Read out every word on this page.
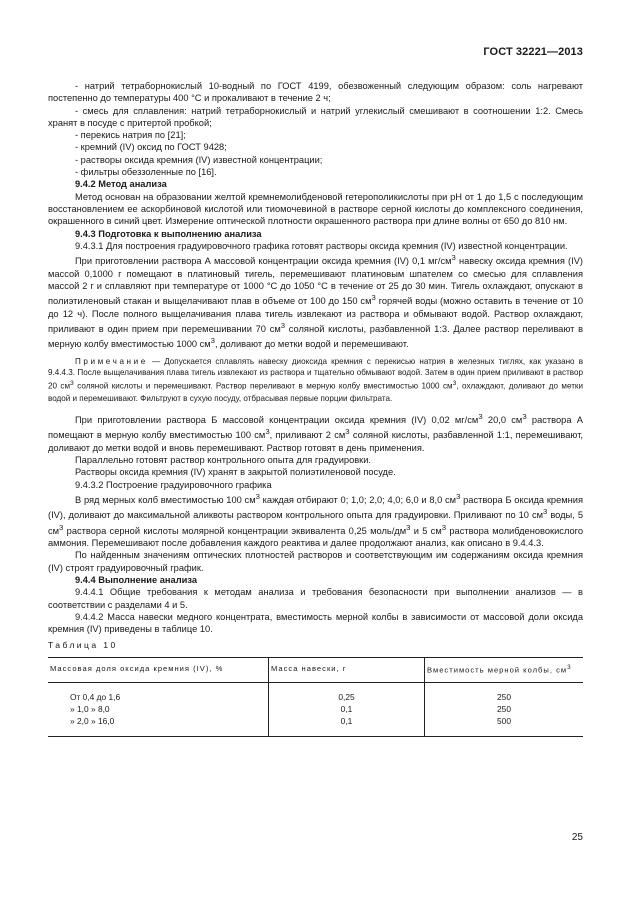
ГОСТ 32221—2013

- натрий тетраборнокислый 10-водный по ГОСТ 4199, обезвоженный следующим образом: соль нагревают постепенно до температуры 400 °С и прокаливают в течение 2 ч;

- смесь для сплавления: натрий тетраборнокислый и натрий углекислый смешивают в соотношении 1:2. Смесь хранят в посуде с притертой пробкой;

- перекись натрия по [21];

- кремний (IV) оксид по ГОСТ 9428;

- растворы оксида кремния (IV) известной концентрации;

- фильтры обеззоленные по [16].

9.4.2 Метод анализа

Метод основан на образовании желтой кремнемолибденовой гетерополикислоты при рН от 1 до 1,5 с последующим восстановлением ее аскорбиновой кислотой или тиомочевиной в растворе серной кислоты до комплексного соединения, окрашенного в синий цвет. Измерение оптической плотности окрашенного раствора при длине волны от 650 до 810 нм.

9.4.3 Подготовка к выполнению анализа

9.4.3.1 Для построения градуировочного графика готовят растворы оксида кремния (IV) известной концентрации.

При приготовлении раствора А массовой концентрации оксида кремния (IV) 0,1 $мг/см^3$ навеску оксида кремния (IV) массой 0,1000 г помещают в платиновый тигель, перемешивают платиновым шпателем со смесью для сплавления массой 2 г и сплавляют при температуре от 1000 °С до 1050 °С в течение от 25 до 30 мин. Тигель охлаждают, опускают в полиэтиленовый стакан и выщелачивают плав в объеме от 100 до 150 $см^3$ горячей воды (можно оставить в течение от 10 до 12 ч). После полного выщелачивания плава тигель извлекают из раствора и обмывают водой. Раствор охлаждают, приливают в один прием при перемешивании 70 $см^3$ соляной кислоты, разбавленной 1:3. Далее раствор переливают в мерную колбу вместимостью 1000 $см^3$, доливают до метки водой и перемешивают.

Примечание — Допускается сплавлять навеску диоксида кремния с перекисью натрия в железных тиглях, как указано в 9.4.4.3. После выщелачивания плава тигель извлекают из раствора и тщательно обмывают водой. Затем в один прием приливают в раствор 20 $см^3$ соляной кислоты и перемешивают. Раствор переливают в мерную колбу вместимостью 1000 $см^3$, охлаждают, доливают до метки водой и перемешивают. Фильтруют в сухую посуду, отбрасывая первые порции фильтрата.

При приготовлении раствора Б массовой концентрации оксида кремния (IV) 0,02 $мг/см^3$ 20,0 $см^3$ раствора А помещают в мерную колбу вместимостью 100 $см^3$, приливают 2 $см^3$ соляной кислоты, разбавленной 1:1, перемешивают, доливают до метки водой и вновь перемешивают. Раствор готовят в день применения.

Параллельно готовят раствор контрольного опыта для градуировки.

Растворы оксида кремния (IV) хранят в закрытой полиэтиленовой посуде.

9.4.3.2 Построение градуировочного графика

В ряд мерных колб вместимостью 100 $см^3$ каждая отбирают 0; 1,0; 2,0; 4,0; 6,0 и 8,0 $см^3$ раствора Б оксида кремния (IV), доливают до максимальной аликвоты раствором контрольного опыта для градуировки. Приливают по 10 $см^3$ воды, 5 $см^3$ раствора серной кислоты молярной концентрации эквивалента 0,25 моль/$дм^3$ и 5 $см^3$ раствора молибденовокислого аммония. Перемешивают после добавления каждого реактива и далее продолжают анализ, как описано в 9.4.4.3.

По найденным значениям оптических плотностей растворов и соответствующим им содержаниям оксида кремния (IV) строят градуировочный график.

9.4.4 Выполнение анализа

9.4.4.1 Общие требования к методам анализа и требования безопасности при выполнении анализов — в соответствии с разделами 4 и 5.

9.4.4.2 Масса навески медного концентрата, вместимость мерной колбы в зависимости от массовой доли оксида кремния (IV) приведены в таблице 10.

Таблица 10

Массовая доля оксида кремния (IV), %	Масса навески, г	Вместимость мерной колбы, $см^3$
От 0,4 до 1,6	0,25	250
» 1,0 » 8,0	0,1	250
» 2,0 » 16,0	0,1	500
25
